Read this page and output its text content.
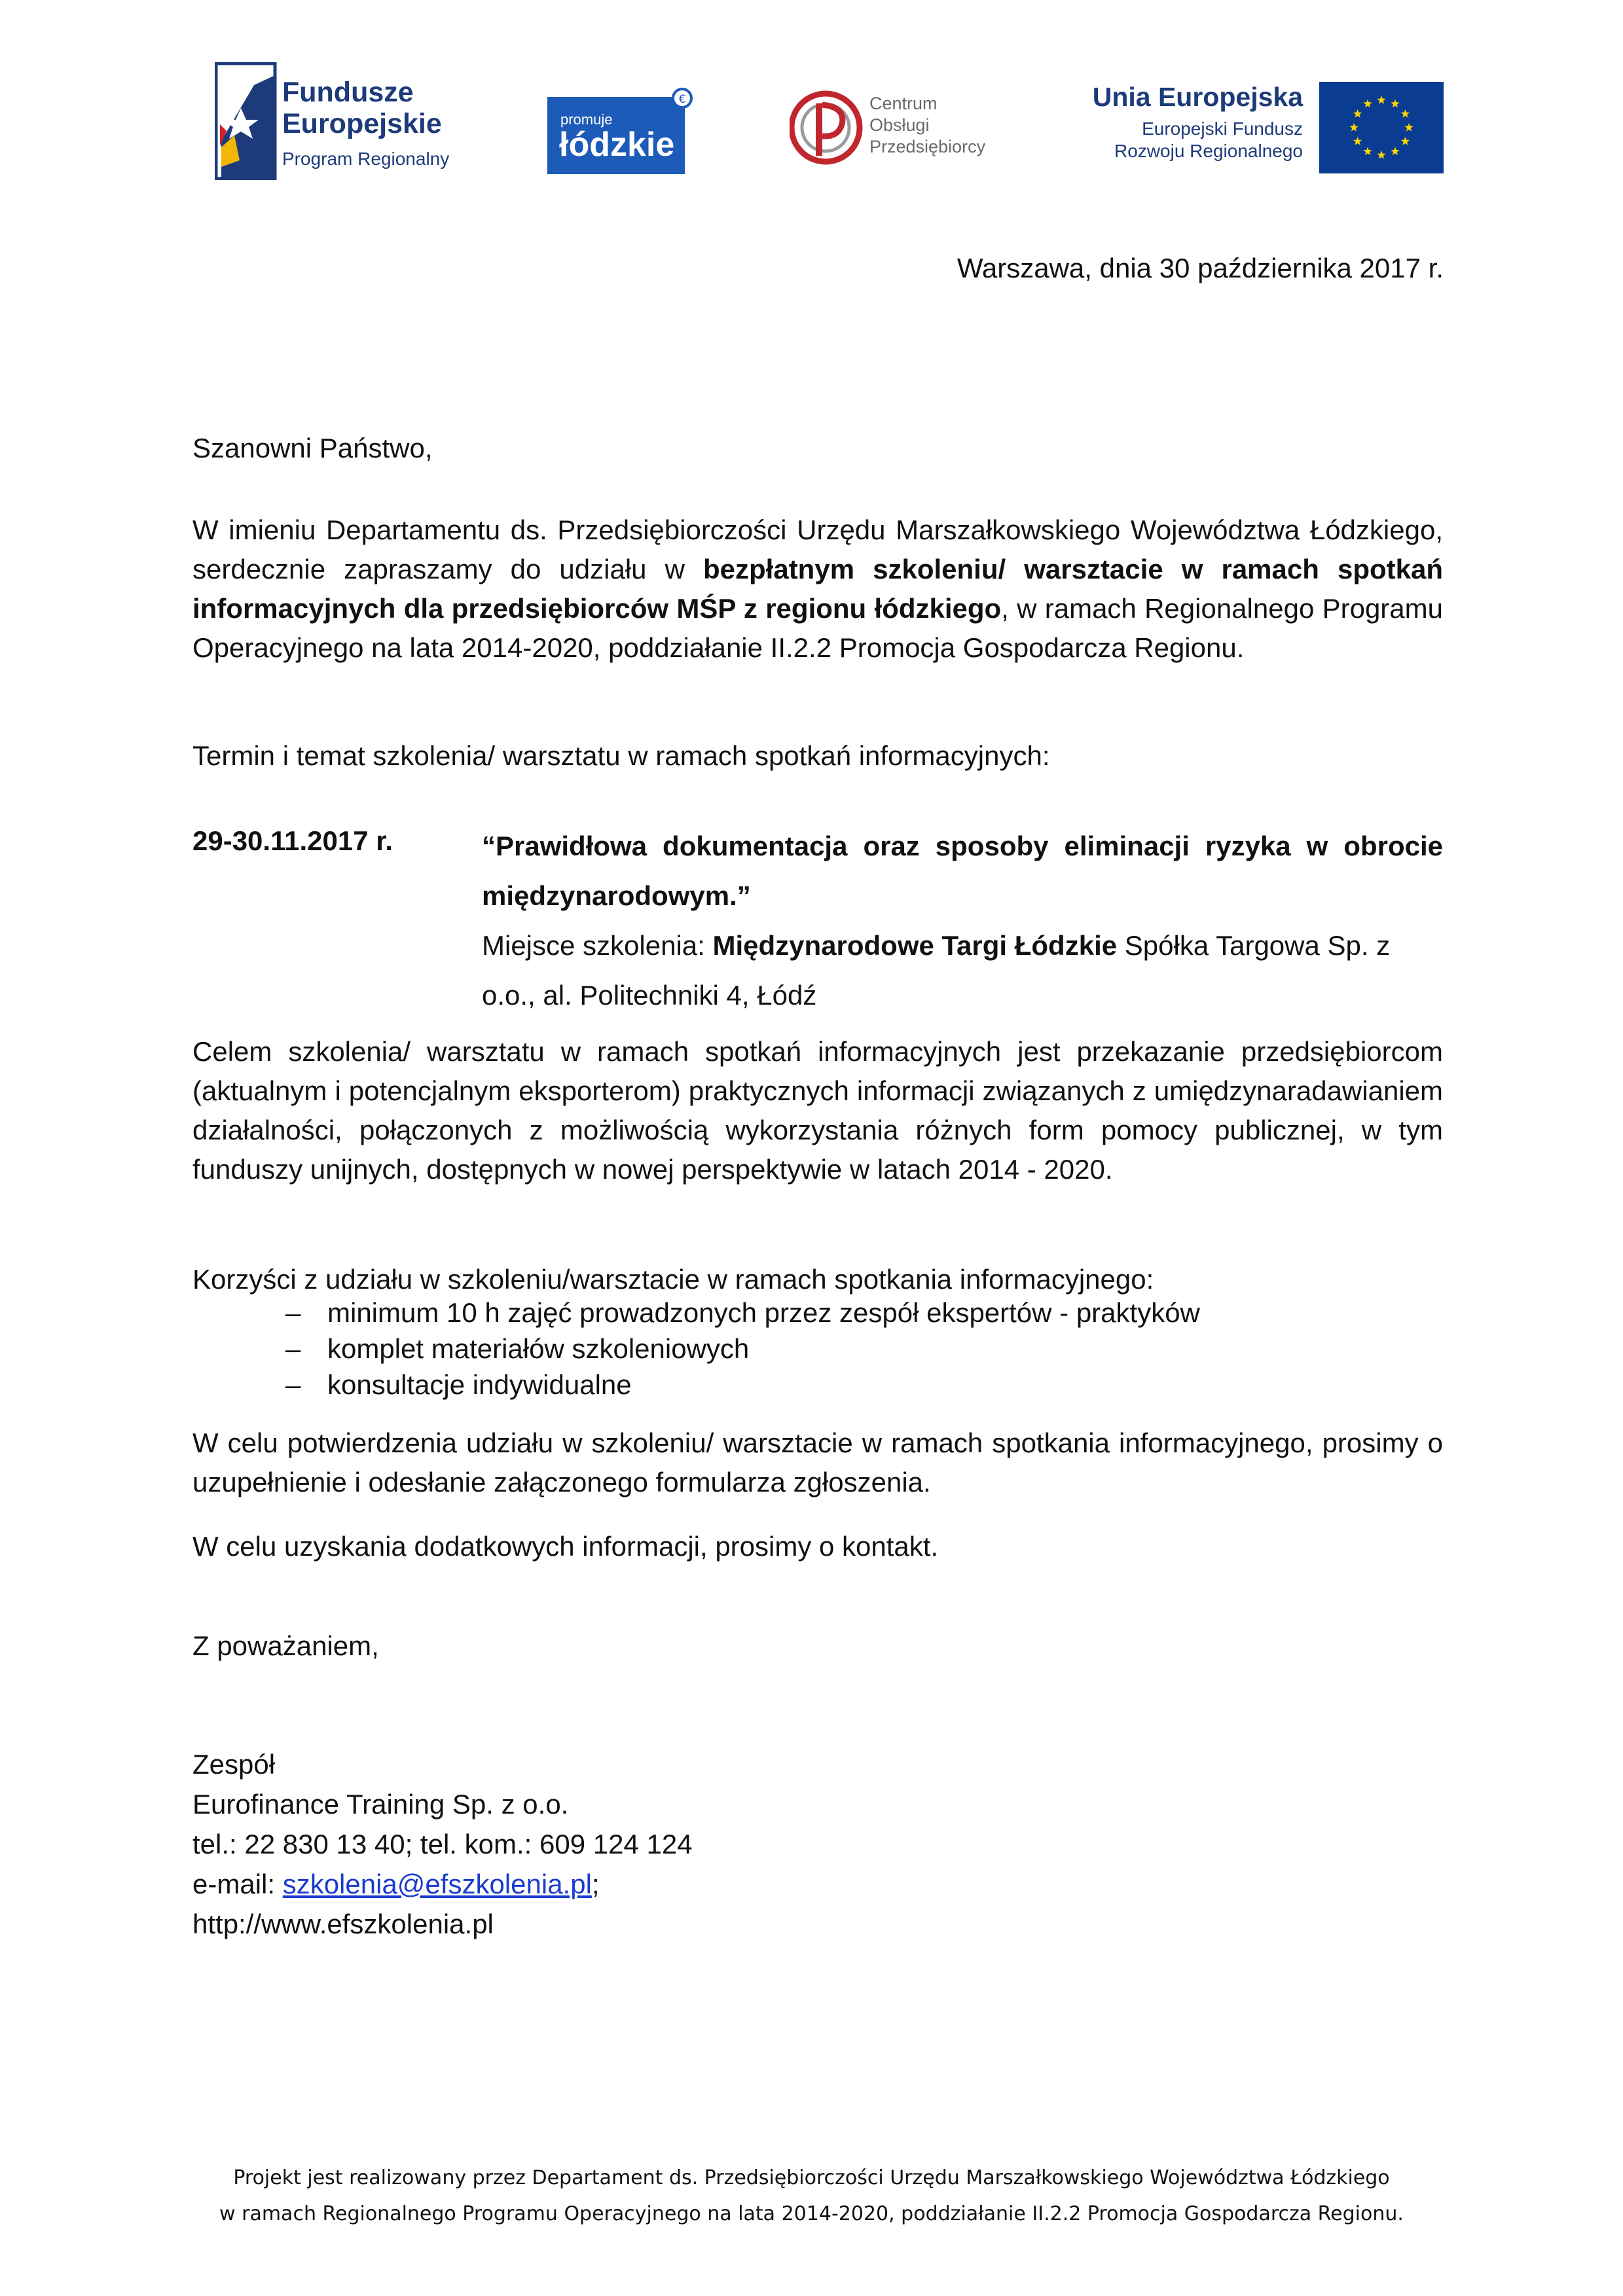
Fundusze
Europejskie
Program Regionalny
€
promuje
łódzkie
Centrum
Obsługi
Przedsiębiorcy
Unia Europejska
Europejski Fundusz
Rozwoju Regionalnego
Warszawa, dnia 30 października 2017 r.
Szanowni Państwo,
W imieniu Departamentu ds. Przedsiębiorczości Urzędu Marszałkowskiego Województwa Łódzkiego, serdecznie zapraszamy do udziału w bezpłatnym szkoleniu/ warsztacie w ramach spotkań informacyjnych dla przedsiębiorców MŚP z regionu łódzkiego, w ramach Regionalnego Programu Operacyjnego na lata 2014-2020, poddziałanie II.2.2 Promocja Gospodarcza Regionu.
Termin i temat szkolenia/ warsztatu w ramach spotkań informacyjnych:
29-30.11.2017 r.	“Prawidłowa dokumentacja oraz sposoby eliminacji ryzyka w obrocie międzynarodowym.”
Miejsce szkolenia: Międzynarodowe Targi Łódzkie Spółka Targowa Sp. z o.o., al. Politechniki 4, Łódź
Celem szkolenia/ warsztatu w ramach spotkań informacyjnych jest przekazanie przedsiębiorcom (aktualnym i potencjalnym eksporterom) praktycznych informacji związanych z umiędzynaradawianiem działalności, połączonych z możliwością wykorzystania różnych form pomocy publicznej, w tym funduszy unijnych, dostępnych w nowej perspektywie w latach 2014 - 2020.
Korzyści z udziału w szkoleniu/warsztacie w ramach spotkania informacyjnego:
– minimum 10 h zajęć prowadzonych przez zespół ekspertów - praktyków
– komplet materiałów szkoleniowych
– konsultacje indywidualne
W celu potwierdzenia udziału w szkoleniu/ warsztacie w ramach spotkania informacyjnego, prosimy o uzupełnienie i odesłanie załączonego formularza zgłoszenia.
W celu uzyskania dodatkowych informacji, prosimy o kontakt.
Z poważaniem,
Zespół
Eurofinance Training Sp. z o.o.
tel.: 22 830 13 40; tel. kom.: 609 124 124
e-mail: szkolenia@efszkolenia.pl;
http://www.efszkolenia.pl
Projekt jest realizowany przez Departament ds. Przedsiębiorczości Urzędu Marszałkowskiego Województwa Łódzkiego
w ramach Regionalnego Programu Operacyjnego na lata 2014-2020, poddziałanie II.2.2 Promocja Gospodarcza Regionu.
